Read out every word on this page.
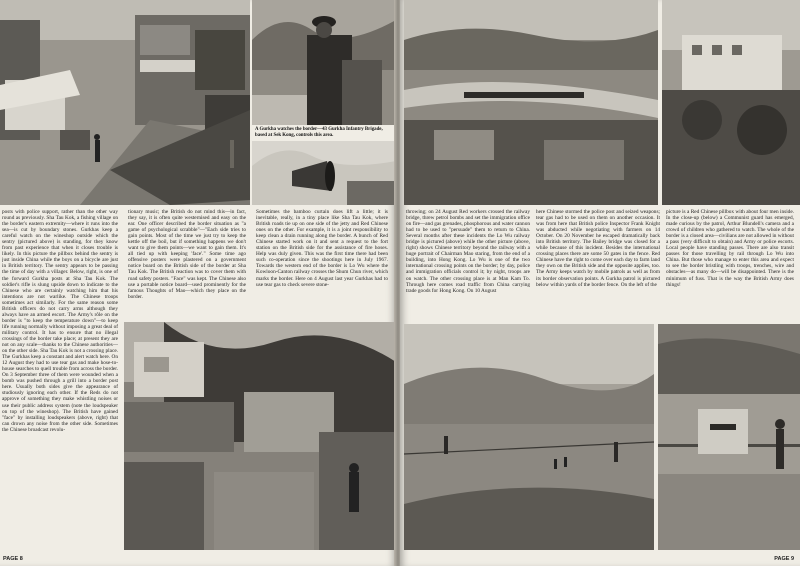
A Gurkha watches the border—43 Gurkha Infantry Brigade, based at Sek Kong, controls this area.

posts with police support, rather than the other way round as previously. Sha Tau Kok, a fishing village on the border's eastern extremity—where it runs into the sea—is cut by boundary stones. Gurkhas keep a careful watch on the wineshop outside which the sentry (pictured above) is standing, for they know from past experience that when it closes trouble is likely. In this picture the pillbox behind the sentry is just inside China while the boys on a bicycle are just in British territory. The sentry appears to be passing the time of day with a villager. Below, right, is one of the forward Gurkha posts at Sha Tau Kok. The soldier's rifle is slung upside down to indicate to the Chinese who are certainly watching him that his intentions are not warlike. The Chinese troops sometimes act similarly. For the same reason some British officers do not carry arms although they always have an armed escort. The Army's rôle on the border is "to keep the temperature down"—to keep life running normally without imposing a great deal of military control. It has to ensure that no illegal crossings of the border take place; at present they are not on any scale—thanks to the Chinese authorities—on the other side. Sha Tau Kok is not a crossing place. The Gurkhas keep a constant and alert watch here. On 12 August they had to use tear gas and make hose-to-house searches to quell trouble from across the border. On 3 September three of them were wounded when a bomb was pushed through a grill into a border post here. Usually both sides give the appearance of studiously ignoring each other. If the Reds do not approve of something they make whistling noises or use their public address system (note the loudspeaker on top of the wineshop). The British have gained "face" by installing loudspeakers (above, right) that can drown any noise from the other side. Sometimes the Chinese broadcast revolu-

tionary music; the British do not mind this—in fact, they say, it is often quite westernised and easy on the ear. One officer described the border situation as "a game of psychological scrabble"—"Each side tries to gain points. Most of the time we just try to keep the kettle off the boil, but if something happens we don't want to give them points—we want to gain them. It's all tied up with keeping 'face'." Some time ago offensive posters were plastered on a government notice board on the British side of the border at Sha Tau Kok. The British reaction was to cover them with road safety posters. "Face" was kept. The Chinese also use a portable notice board—used prominently for the famous Thoughts of Mao—which they place on the border.

Sometimes the bamboo curtain does lift a little; it is inevitable, really, in a tiny place like Sha Tau Kok, where British roads tie up on one side of the jetty and Red Chinese ones on the other. For example, it is a joint responsibility to keep clean a drain running along the border. A bunch of Red Chinese started work on it and sent a request to the fort station on the British side for the assistance of fire hoses. Help was duly given. This was the first time there had been such co-operation since the shootings here in July 1967. Towards the western end of the border is Lo Wu where the Kowloon-Canton railway crosses the Shum Chun river, which marks the border. Here on 4 August last year Gurkhas had to use tear gas to check severe stone-

PAGE 8

throwing; on 24 August Red workers crossed the railway bridge, threw petrol bombs and set the immigration office on fire—and gas grenades, phosphorous and water cannon had to be used to "persuade" them to return to China. Several months after these incidents the Lo Wu railway bridge is pictured (above) while the other picture (above, right) shows Chinese territory beyond the railway with a huge portrait of Chairman Mao staring, from the end of a building, into Hong Kong. Lo Wu is one of the two international crossing points on the border; by day, police and immigration officials control it; by night, troops are on watch. The other crossing place is at Man Kam To. Through here comes road traffic from China carrying trade goods for Hong Kong. On 10 August

here Chinese stormed the police post and seized weapons; tear gas had to be used on them on another occasion. It was from here that British police Inspector Frank Knight was abducted while negotiating with farmers on 14 October. On 20 November he escaped dramatically back into British territory. The Bailey bridge was closed for a while because of this incident. Besides the international crossing places there are some 50 gates in the fence. Red Chinese have the right to come over each day to farm land they own on the British side and the opposite applies, too. The Army keeps watch by mobile patrols as well as from its border observation points. A Gurkha patrol is pictured below within yards of the border fence. On the left of the

picture is a Red Chinese pillbox with about four men inside. In the close-up (below) a Communist guard has emerged, made curious by the patrol, Arthur Blundell's camera and a crowd of children who gathered to watch. The whole of the border is a closed area—civilians are not allowed in without a pass (very difficult to obtain) and Army or police escorts. Local people have standing passes. There are also transit passes for those travelling by rail through Lo Wu into China. But those who manage to enter this area and expect to see the border bristling with troops, trenches, wire and obstacles—as many do—will be disappointed. There is the minimum of fuss. That is the way the British Army does things!

PAGE 9
